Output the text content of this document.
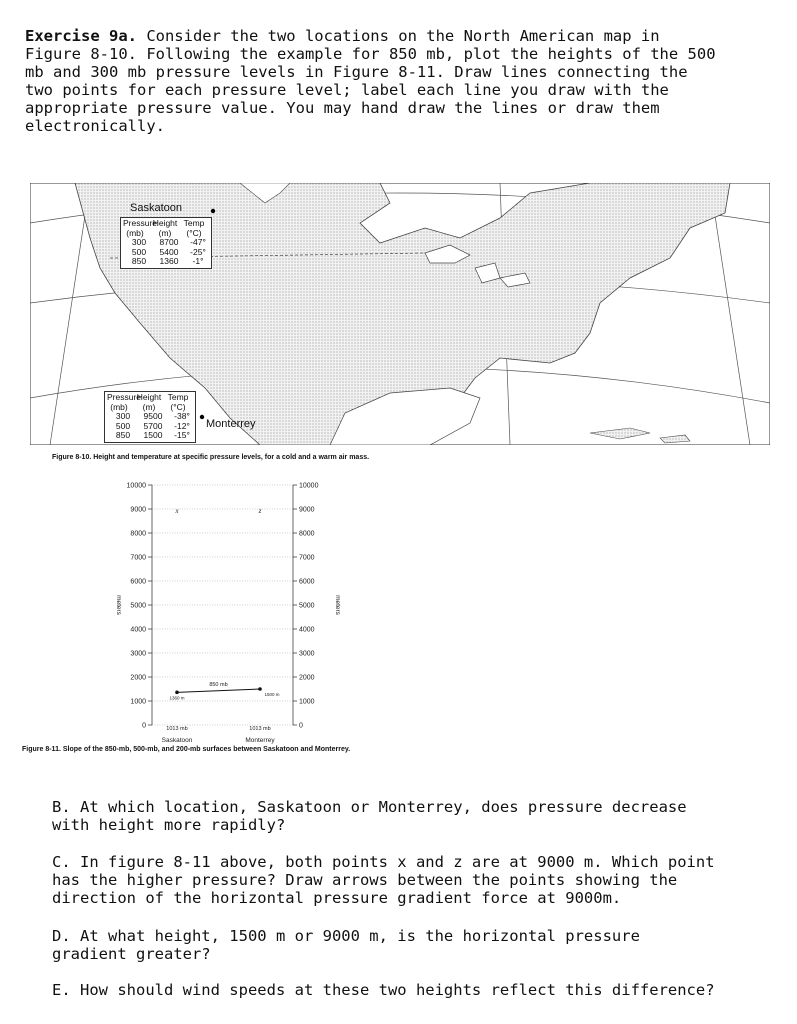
Exercise 9a. Consider the two locations on the North American map in
Figure 8-10. Following the example for 850 mb, plot the heights of the 500
mb and 300 mb pressure levels in Figure 8-11. Draw lines connecting the
two points for each pressure level; label each line you draw with the
appropriate pressure value. You may hand draw the lines or draw them
electronically.
Saskatoon
Pressure
Height Temp
(mb)	(m)	(°C)
300	8700	-47°
500	5400	-25°
850	1360	-1°
Pressure
Height Temp
(mb)	(m)	(°C)
300	9500	-38°
500	5700	-12°
850	1500	-15°
Monterrey
Figure 8-10. Height and temperature at specific pressure levels, for a cold and a warm air mass.
10000	10000
9000	9000
8000	8000
7000	7000
6000	6000
5000	5000
4000	4000
3000	3000
2000	2000
1000	1000
0	0
meters	meters
1013 mb
Saskatoon
1013 mb
Monterrey
850 mb
1360 m
1500 m
x	z
Figure 8-11. Slope of the 850-mb, 500-mb, and 200-mb surfaces between Saskatoon and Monterrey.
B. At which location, Saskatoon or Monterrey, does pressure decrease
with height more rapidly?
C. In figure 8-11 above, both points x and z are at 9000 m. Which point
has the higher pressure? Draw arrows between the points showing the
direction of the horizontal pressure gradient force at 9000m.
D. At what height, 1500 m or 9000 m, is the horizontal pressure
gradient greater?
E. How should wind speeds at these two heights reflect this difference?
